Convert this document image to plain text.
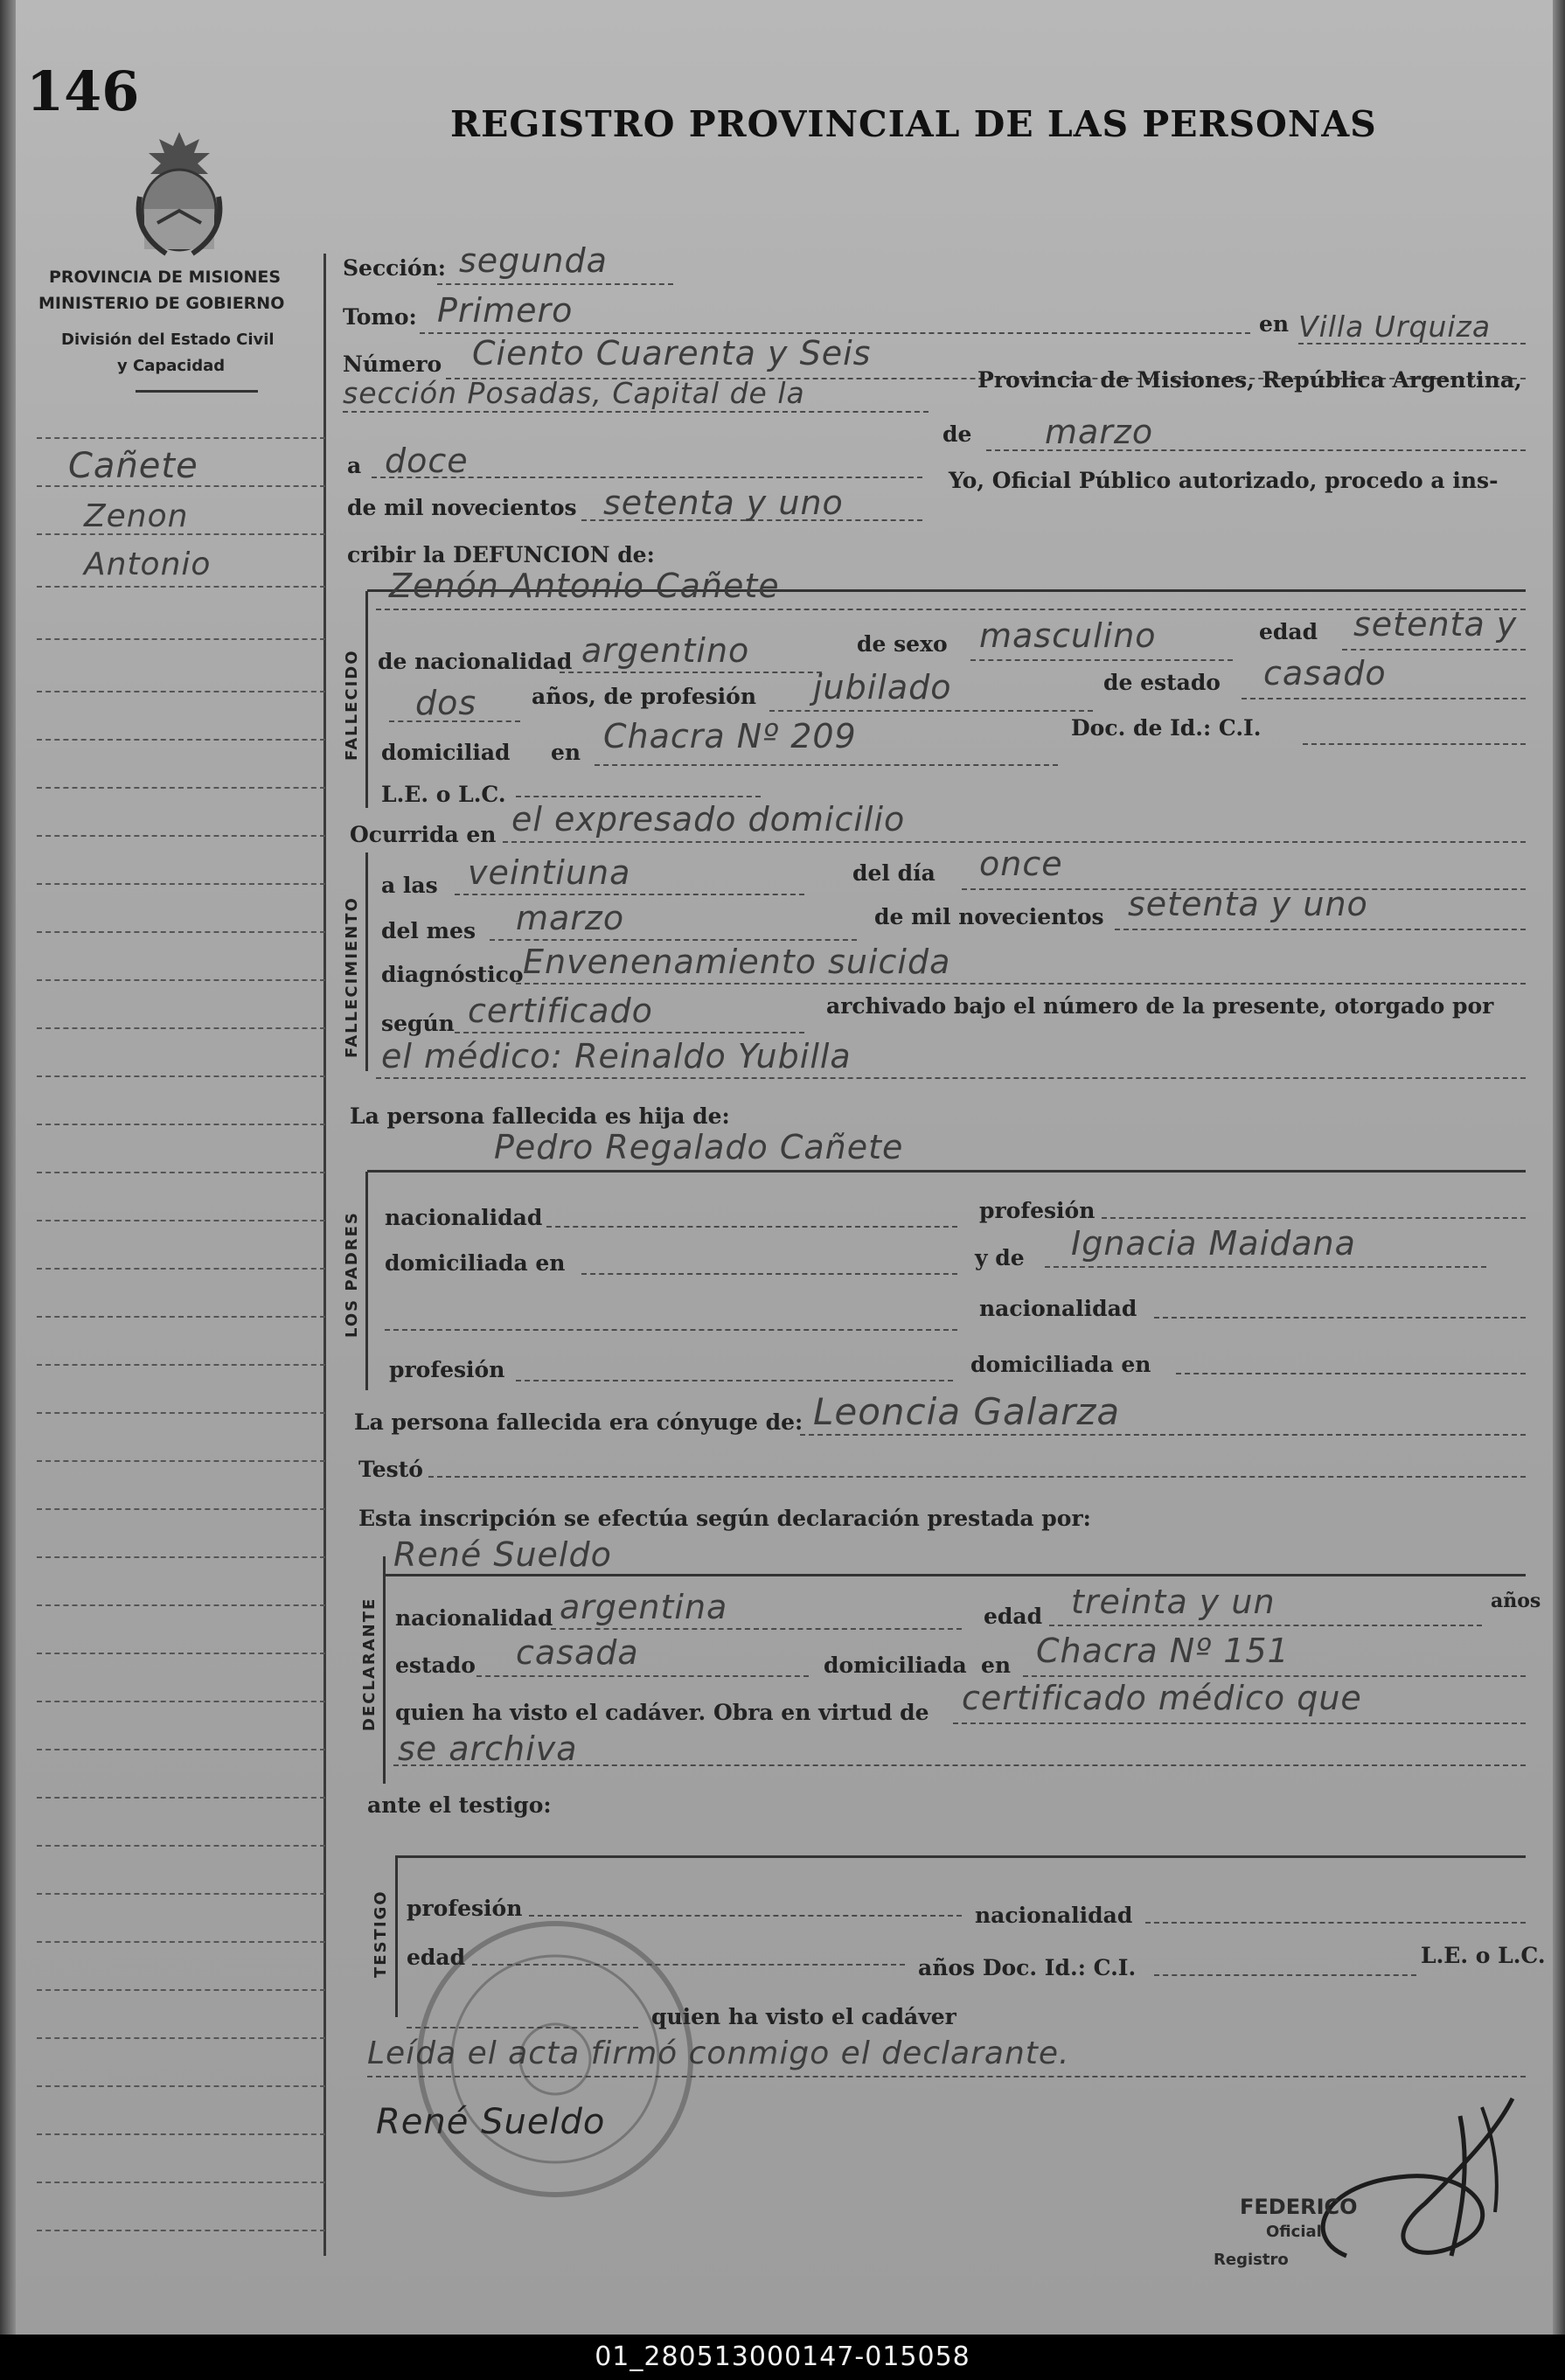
146
REGISTRO PROVINCIAL DE LAS PERSONAS
PROVINCIA DE MISIONES
MINISTERIO DE GOBIERNO
División del Estado Civil
y Capacidad
Cañete
Zenon
Antonio
Sección: segunda
Tomo: Primero	en Villa Urquiza
Número Ciento Cuarenta y Seis
sección Posadas, Capital de la	Provincia de Misiones, República Argentina,
a doce
de marzo
de mil novecientos setenta y uno
Yo, Oficial Público autorizado, procedo a ins-
cribir la DEFUNCION de:
FALLECIDO
Zenón Antonio Cañete
de nacionalidad argentino	de sexo masculino	edad setenta y
dos	años, de profesión jubilado	de estado casado
domiciliad en Chacra Nº 209	Doc. de Id.: C.I.
L.E. o L.C.
Ocurrida en el expresado domicilio
FALLECIMIENTO
a las veintiuna	del día once
del mes marzo	de mil novecientos setenta y uno
diagnóstico Envenenamiento suicida
según certificado	archivado bajo el número de la presente, otorgado por
el médico: Reinaldo Yubilla
La persona fallecida es hija de:
Pedro Regalado Cañete
LOS PADRES nacionalidad	profesión
domiciliada en	y de Ignacia Maidana
nacionalidad
profesión	domiciliada en
La persona fallecida era cónyuge de: Leoncia Galarza
Testó
Esta inscripción se efectúa según declaración prestada por:
René Sueldo
DECLARANTE nacionalidad argentina	edad treinta y un	años
estado casada	domiciliada en Chacra Nº 151
quien ha visto el cadáver. Obra en virtud de certificado médico que
se archiva
ante el testigo:
TESTIGO profesión	nacionalidad
edad	años Doc. Id.: C.I.	L.E. o L.C.
quien ha visto el cadáver
Leída el acta firmó conmigo el declarante.
René Sueldo
FEDERICO
Oficial
Registro
01_280513000147-015058
